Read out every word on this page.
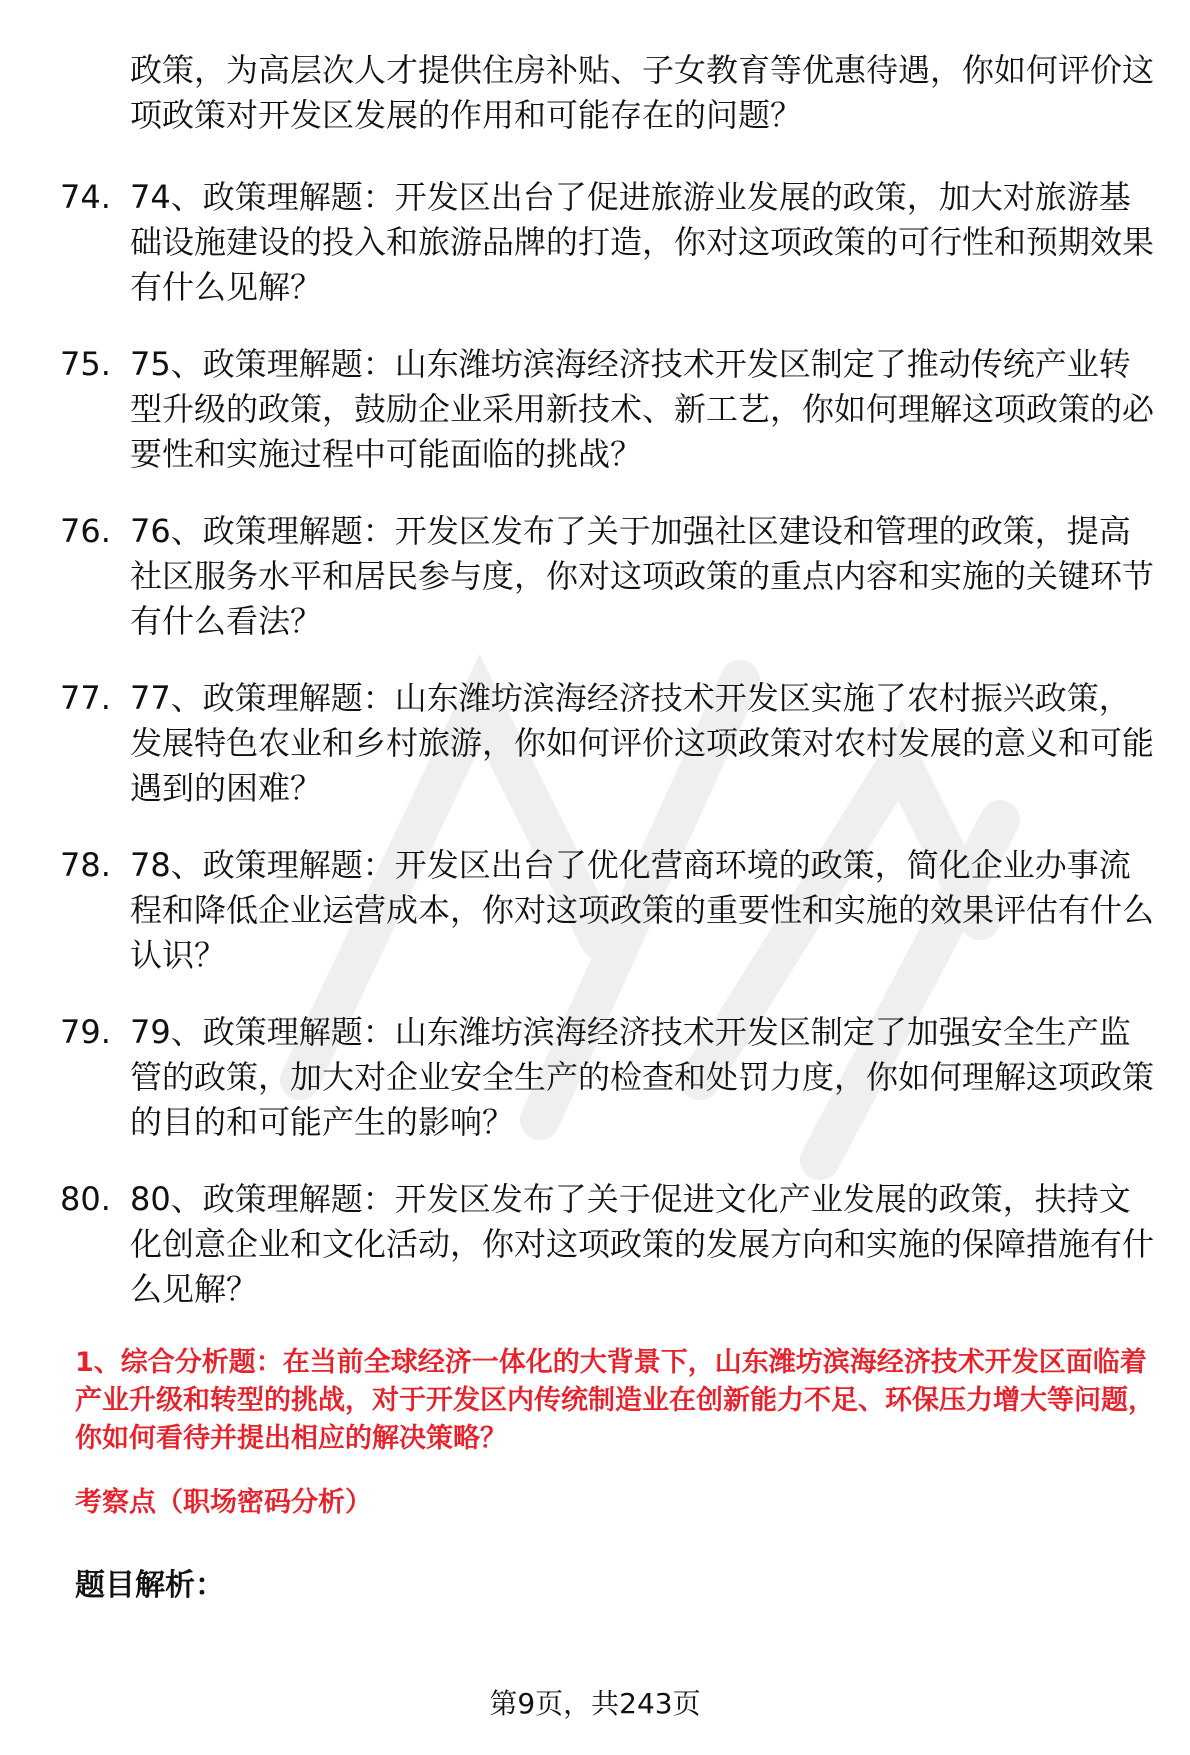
政策，为高层次人才提供住房补贴、子女教育等优惠待遇，你如何评价这项政策对开发区发展的作用和可能存在的问题？
74. 74、政策理解题：开发区出台了促进旅游业发展的政策，加大对旅游基础设施建设的投入和旅游品牌的打造，你对这项政策的可行性和预期效果有什么见解？
75. 75、政策理解题：山东潍坊滨海经济技术开发区制定了推动传统产业转型升级的政策，鼓励企业采用新技术、新工艺，你如何理解这项政策的必要性和实施过程中可能面临的挑战？
76. 76、政策理解题：开发区发布了关于加强社区建设和管理的政策，提高社区服务水平和居民参与度，你对这项政策的重点内容和实施的关键环节有什么看法？
77. 77、政策理解题：山东潍坊滨海经济技术开发区实施了农村振兴政策，发展特色农业和乡村旅游，你如何评价这项政策对农村发展的意义和可能遇到的困难？
78. 78、政策理解题：开发区出台了优化营商环境的政策，简化企业办事流程和降低企业运营成本，你对这项政策的重要性和实施的效果评估有什么认识？
79. 79、政策理解题：山东潍坊滨海经济技术开发区制定了加强安全生产监管的政策，加大对企业安全生产的检查和处罚力度，你如何理解这项政策的目的和可能产生的影响？
80. 80、政策理解题：开发区发布了关于促进文化产业发展的政策，扶持文化创意企业和文化活动，你对这项政策的发展方向和实施的保障措施有什么见解？
1、综合分析题：在当前全球经济一体化的大背景下，山东潍坊滨海经济技术开发区面临着产业升级和转型的挑战，对于开发区内传统制造业在创新能力不足、环保压力增大等问题，你如何看待并提出相应的解决策略？
考察点（职场密码分析）
题目解析：
第9页，共243页
